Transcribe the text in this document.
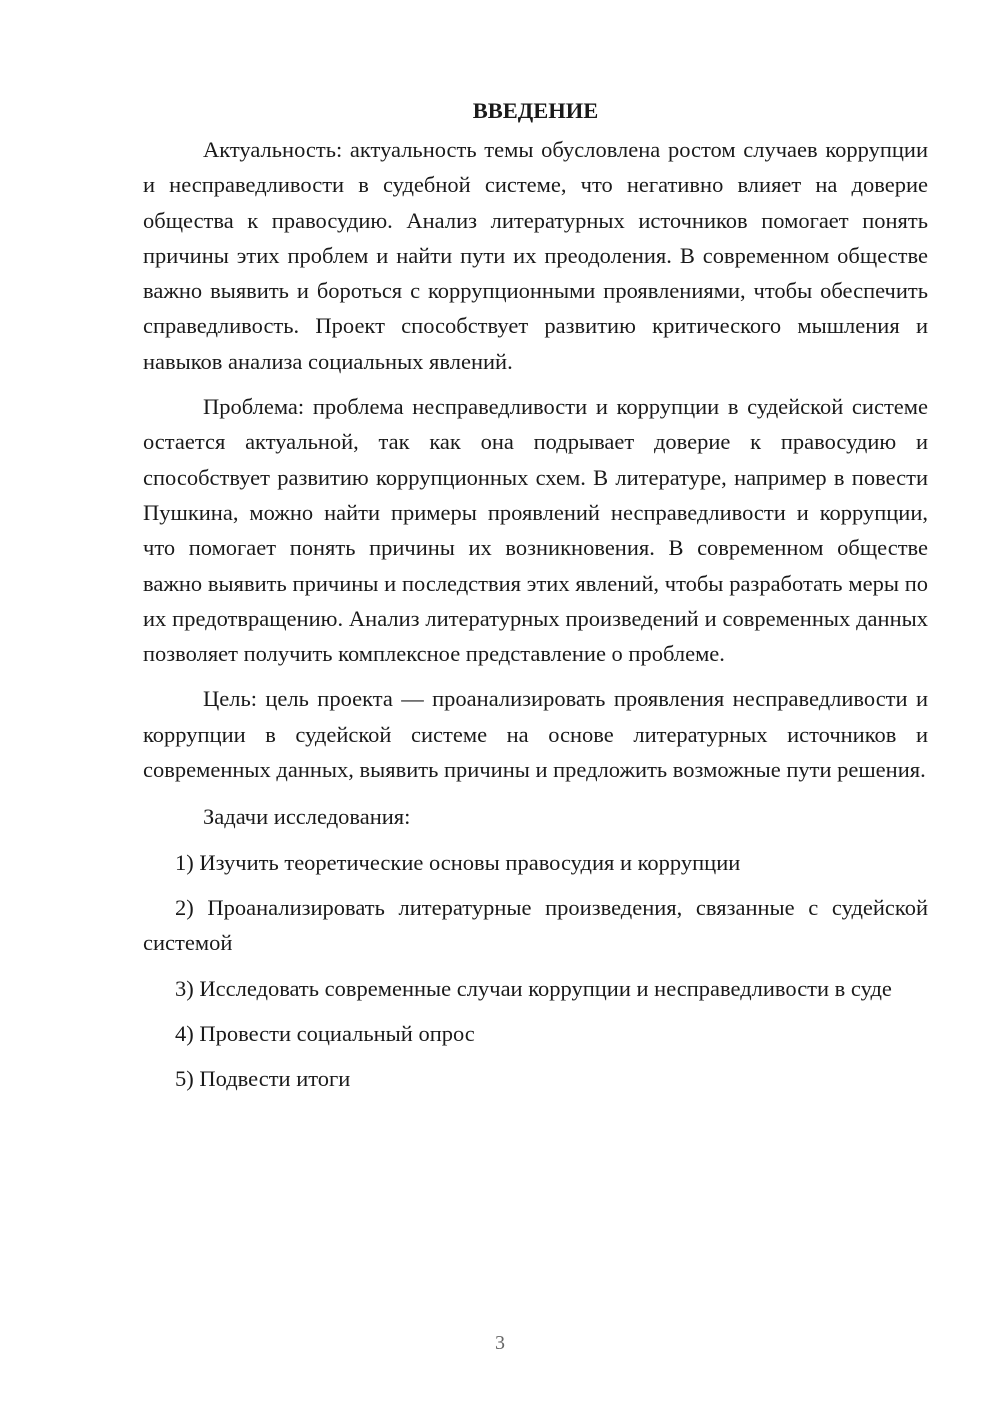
ВВЕДЕНИЕ

Актуальность: актуальность темы обусловлена ростом случаев коррупции и несправедливости в судебной системе, что негативно влияет на доверие общества к правосудию. Анализ литературных источников помогает понять причины этих проблем и найти пути их преодоления. В современном обществе важно выявить и бороться с коррупционными проявлениями, чтобы обеспечить справедливость. Проект способствует развитию критического мышления и навыков анализа социальных явлений.

Проблема: проблема несправедливости и коррупции в судейской системе остается актуальной, так как она подрывает доверие к правосудию и способствует развитию коррупционных схем. В литературе, например в повести Пушкина, можно найти примеры проявлений несправедливости и коррупции, что помогает понять причины их возникновения. В современном обществе важно выявить причины и последствия этих явлений, чтобы разработать меры по их предотвращению. Анализ литературных произведений и современных данных позволяет получить комплексное представление о проблеме.

Цель: цель проекта — проанализировать проявления несправедливости и коррупции в судейской системе на основе литературных источников и современных данных, выявить причины и предложить возможные пути решения.

Задачи исследования:

1) Изучить теоретические основы правосудия и коррупции

2) Проанализировать литературные произведения, связанные с судейской системой

3) Исследовать современные случаи коррупции и несправедливости в суде

4) Провести социальный опрос

5) Подвести итоги

3
